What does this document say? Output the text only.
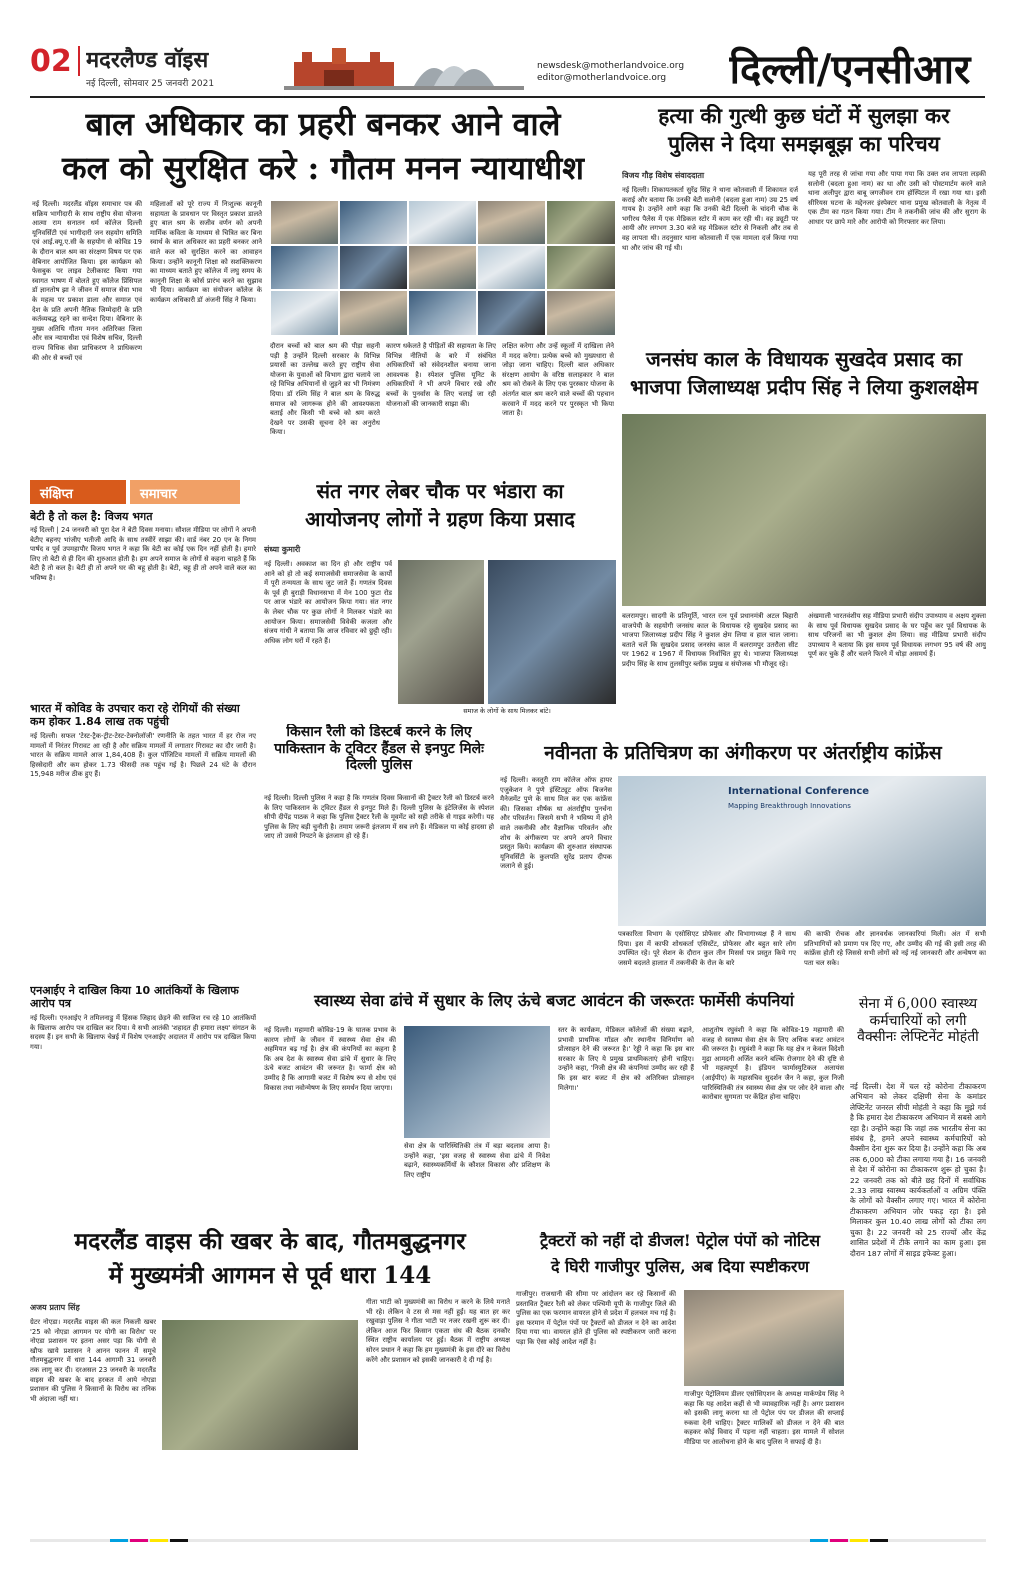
02 मदरलैण्ड वॉइस
नई दिल्ली, सोमवार 25 जनवरी 2021
newsdesk@motherlandvoice.org
editor@motherlandvoice.org	दिल्ली/एनसीआर
बाल अधिकार का प्रहरी बनकर आने वाले
कल को सुरक्षित करे : गौतम मनन न्यायाधीश
नई दिल्ली। मदरलैंड वॉइस समाचार पत्र की सक्रिय भागीदारी के साथ राष्ट्रीय सेवा योजना आत्मा राम सनातन धर्म कॉलेज दिल्ली यूनिवर्सिटी एवं भागीदारी जन सहयोग समिति एवं आई.क्यू.ए.सी के सहयोग से कोविड 19 के दौरान बाल श्रम का संरक्षण विषय पर एक वेबिनार आयोजित किया। इस कार्यक्रम को फेसबुक पर लाइव टेलीकास्ट किया गया स्वागत भाषण में बोलते हुए कॉलेज प्रिंसिपल डॉ ज्ञानतोष झा ने जीवन में समाज सेवा भाव के महत्व पर प्रकाश डाला और समाज एवं देश के प्रति अपनी नैतिक जिम्मेदारी के प्रति कर्तव्यबद्ध रहने का सन्देश दिया। वेबिनार के मुख्य अतिथि गौतम मनन अतिरिक्त जिला और सत्र न्यायाधीश एवं विशेष सचिव, दिल्ली राज्य विधिक सेवा प्राधिकरण ने प्राधिकरण की ओर से बच्चों एवं
महिलाओं को पूरे राज्य में निःशुल्क कानूनी सहायता के प्रावधान पर विस्तृत प्रकाश डालते हुए बाल श्रम के सजीव वर्णन को अपनी मार्मिक कविता के माध्यम से चित्रित कर बिना स्वार्थ के बाल अधिकार का प्रहरी बनकर आने वाले कल को सुरक्षित करने का आवाहन किया। उन्होंने कानूनी शिक्षा को सशक्तिकरण का माध्यम बताते हुए कॉलेज में लघु समय के कानूनी शिक्षा के कोर्स प्रारंभ करने का सुझाव भी दिया। कार्यक्रम का संयोजन कॉलेज के कार्यक्रम अधिकारी डॉ अंजनी सिंह ने किया।
दौरान बच्चों को बाल श्रम की पीड़ा सहनी पड़ी है उन्होंने दिल्ली सरकार के विभिन्न प्रयासों का उल्लेख करते हुए राष्ट्रीय सेवा योजना के युवाओं को विभाग द्वारा चलाये जा रहे विभिन्न अभियानों से जुड़ने का भी निमंत्रण दिया। डॉ रश्मि सिंह ने बाल श्रम के विरुद्ध समाज को जागरूक होने की आवश्यकता बताई और किसी भी बच्चे को श्रम करते देखने पर उसकी सूचना देने का अनुरोध किया।
कारण धकेलते है पीड़ितों की सहायता के लिए विभिन्न नीतियों के बारे में संबंधित अधिकारियों को संवेदनशील बनाया जाना आवश्यक है। स्पेशल पुलिस यूनिट के अधिकारियों ने भी अपने विचार रखे और बच्चों के पुनर्वास के लिए चलाई जा रही योजनाओं की जानकारी साझा की।
लक्षित करेगा और उन्हें स्कूलों में दाखिला लेने में मदद करेगा। प्रत्येक बच्चे को मुख्यधारा से जोड़ा जाना चाहिए। दिल्ली बाल अधिकार संरक्षण आयोग के वरिष्ठ सलाहकार ने बाल श्रम को रोकने के लिए एक पुरस्कार योजना के अंतर्गत बाल श्रम करने वाले बच्चों की पहचान करवाने में मदद करने पर पुरस्कृत भी किया जाता है।
हत्या की गुत्थी कुछ घंटों में सुलझा कर
पुलिस ने दिया समझबूझ का परिचय
विजय गौड़ विशेष संवाददाता
नई दिल्ली। शिकायतकर्ता सुरेंद्र सिंह ने थाना कोतवाली में शिकायत दर्ज कराई और बताया कि उनकी बेटी सलोनी (बदला हुआ नाम) उम्र 25 वर्ष गायब है। उन्होंने आगे कहा कि उनकी बेटी दिल्ली के चांदनी चौक के भगीरथ पैलेस में एक मेडिकल स्टोर में काम कर रही थी। वह ड्यूटी पर आयी और लगभग 3.30 बजे वह मेडिकल स्टोर से निकली और तब से वह लापता थी। तदनुसार थाना कोतवाली में एक मामला दर्ज किया गया था और जांच की गई थी।
यह पूरी तरह से जांचा गया और पाया गया कि उक्त शव लापता लड़की सलोनी (बदला हुआ नाम) का था और उसी को पोस्टमार्टम करने वाले थाना अलीपुर द्वारा बाबू जगजीवन राम हॉस्पिटल में रखा गया था। इसी सीरियस घटना के मद्देनजर इंस्पेक्टर थाना प्रमुख कोतवाली के नेतृत्व में एक टीम का गठन किया गया। टीम ने तकनीकी जांच की और सुराग के आधार पर छापे मारे और आरोपी को गिरफ्तार कर लिया।
जनसंघ काल के विधायक सुखदेव प्रसाद का
भाजपा जिलाध्यक्ष प्रदीप सिंह ने लिया कुशलक्षेम
बलरामपुर। सादगी के प्रतिमूर्ति, भारत रत्न पूर्व प्रधानमंत्री अटल बिहारी वाजपेयी के सहयोगी जनसंघ काल के विधायक रहे सुखदेव प्रसाद का भाजपा जिलाध्यक्ष प्रदीप सिंह ने कुशल क्षेम लिया व हाल चाल जाना। बताते चलें कि सुखदेव प्रसाद जनसंघ काल में बलरामपुर उतरौला सीट पर 1962 व 1967 में विधायक निर्वाचित हुए थे। भाजपा जिलाध्यक्ष प्रदीप सिंह के साथ तुलसीपुर ब्लॉक प्रमुख व संयोजक भी मौजूद रहे।
अंखमाली भारतवंशीय सह मीडिया प्रभारी संदीप उपाध्याय व अक्षय शुक्ला के साथ पूर्व विधायक सुखदेव प्रसाद के घर पहुँच कर पूर्व विधायक के साथ परिजनों का भी कुशल क्षेम लिया। सह मीडिया प्रभारी संदीप उपाध्याय ने बताया कि इस समय पूर्व विधायक लगभग 95 वर्ष की आयु पूर्ण कर चुके हैं और चलने फिरने में थोड़ा असमर्थ हैं।
संक्षिप्त	समाचार
बेटी है तो कल है: विजय भगत
नई दिल्ली | 24 जनवरी को पूरा देश ने बेटी दिवस मनाया। सौशल मीडिया पर लोगों ने अपनी बेटीए बहनए भांजीए भतीजी आदि के साथ तस्वीरें साझा की। वार्ड नंबर 20 एन के निगम पार्षद व पूर्व उपमहापौर विजय भगत ने कहा कि बेटी का कोई एक दिन नहीं होती है। हमारे लिए तो बेटी से ही दिन की शुरुआत होती है। हम अपने समाज के लोगों से कहना चाहते हैं कि बेटी है तो कल है। बेटी ही तो अपने घर की बहू होती है। बेटी, बहू ही तो अपने वाले कल का भविष्य है।
भारत में कोविड के उपचार करा रहे रोगियों की संख्या कम होकर 1.84 लाख तक पहुंची
नई दिल्ली। सफल 'टेस्ट-ट्रैक-ट्रीट-टेस्ट-टेक्नोलॉजी' रणनीति के तहत भारत में हर रोज नए मामलों में निरंतर गिरावट आ रही है और सक्रिय मामलों में लगातार गिरावट का दौर जारी है। भारत के सक्रिय मामले आज 1,84,408 हैं। कुल पॉजिटिव मामलों में सक्रिय मामलों की हिस्सेदारी और कम होकर 1.73 फीसदी तक पहुंच गई है। पिछले 24 घंटे के दौरान 15,948 मरीज ठीक हुए हैं।
एनआईए ने दाखिल किया 10 आतंकियों के खिलाफ आरोप पत्र
नई दिल्ली। एनआईए ने तमिलनाडु में हिंसक जिहाद छेड़ने की साजिश रच रहे 10 आतंकियों के खिलाफ आरोप पत्र दाखिल कर दिया। ये सभी आतंकी 'शहादत ही हमारा लक्ष्य' संगठन के सदस्य हैं। इन सभी के खिलाफ चेन्नई में विशेष एनआईए अदालत में आरोप पत्र दाखिल किया गया।
संत नगर लेबर चौक पर भंडारा का
आयोजनए लोगों ने ग्रहण किया प्रसाद
संध्या कुमारी
नई दिल्ली। अवकाश का दिन हो और राष्ट्रीय पर्व आने को हो तो कई समाजसेवी समाजसेवा के कार्यों में पूरी तन्मयता के साथ जुट जाते हैं। गणतंत्र दिवस के पूर्व ही बुराड़ी विधानसभा में मेन 100 फुटा रोड पर आज भंडारे का आयोजन किया गया। संत नगर के लेबर चौक पर कुछ लोगों ने मिलकर भंडारे का आयोजन किया। समाजसेवी विवेकी कजला और संजय गांधी ने बताया कि आज रविवार को छुट्टी रही। अधिक लोग घरों में रहते हैं।
समाज के लोगों के साथ मिलकर बांटे।
किसान रैली को डिस्टर्ब करने के लिए पाकिस्तान के ट्विटर हैंडल से इनपुट मिलेः दिल्ली पुलिस
नई दिल्ली। दिल्ली पुलिस ने कहा है कि गणतंत्र दिवस किसानों की ट्रैक्टर रैली को डिस्टर्ब करने के लिए पाकिस्तान के ट्विटर हैंडल से इनपुट मिले हैं। दिल्ली पुलिस के इंटेलिजेंस के स्पेशल सीपी दीपेंद्र पाठक ने कहा कि पुलिस ट्रैक्टर रैली के मूवमेंट को सही तरीके से गाइड करेगी। यह पुलिस के लिए बड़ी चुनौती है। तमाम जरूरी इंतजाम में सब लगे हैं। मेडिकल या कोई हादसा हो जाए तो उससे निपटने के इंतजाम हो रहे हैं।
नवीनता के प्रतिचित्रण का अंगीकरण पर अंतर्राष्ट्रीय कांफ्रेंस
नई दिल्ली। कस्तूरी राम कॉलेज ऑफ हायर एजुकेशन ने पुणे इंस्टिट्यूट ऑफ बिजनेस मैनेजमेंट पुणे के साथ मिल कर एक कांफ्रेंस की। जिसका शीर्षक था अंतर्राष्ट्रीय पुनर्चना और परिवर्तन। जिसमे सभी ने भविष्य में होने वाले तकनीकी और वैज्ञानिक परिवर्तन और शोध के अंगीकरण पर अपने अपने विचार प्रस्तुत किये। कार्यक्रम की शुरुआत संस्थापक यूनिवर्सिटी के कुलपति सुरेंद्र प्रताप दीपक जलाने से हुई।
International Conference
Mapping Breakthrough Innovations
पत्रकारिता विभाग के एसोसिएट प्रोफेसर और विभागाध्यक्ष हैं ने साथ दिया। इस में काफी शोधकर्ता एसिस्टेंट, प्रोफेसर और बहुत सारे लोग उपस्थित रहे। पूरे सेशन के दौरान कुल तीन मिसर्स पत्र प्रस्तुत किये गए जसमे बदलते हालात में तकनीकी के रोल के बारे
की काफी रोचक और ज्ञानवर्धक जानकारियां मिली। अंत में सभी प्रतिभागियों को प्रमाण पत्र दिए गए, और उम्मीद की गई की इसी तरह की कांफ्रेंस होती रहे जिससे सभी लोगों को नई नई जानकारी और अन्वेषण का पता चल सके।
स्वास्थ्य सेवा ढांचे में सुधार के लिए ऊंचे बजट आवंटन की जरूरतः फार्मेसी कंपनियां
नई दिल्ली। महामारी कोविड-19 के घातक प्रभाव के कारण लोगों के जीवन में स्वास्थ्य सेवा क्षेत्र की अहमियत बढ़ गई है। क्षेत्र की कंपनियों का कहना है कि अब देश के स्वास्थ्य सेवा ढांचे में सुधार के लिए ऊंचे बजट आवंटन की जरूरत है। फार्मा क्षेत्र को उम्मीद है कि आगामी बजट में विशेष रूप से शोध एवं विकास तथा नवोन्मेषण के लिए समर्थन दिया जाएगा।
सेवा क्षेत्र के पारिस्थितिकी तंत्र में बड़ा बदलाव आया है। उन्होंने कहा, 'इस वजह से स्वास्थ्य सेवा ढांचे में निवेश बढ़ाने, स्वास्थ्यकर्मियों के कौशल विकास और प्रशिक्षण के लिए राष्ट्रीय
स्तर के कार्यक्रम, मेडिकल कॉलेजों की संख्या बढ़ाने, प्रभावी प्राथमिक मॉडल और स्थानीय विनिर्माण को प्रोत्साहन देने की जरूरत है।' रेड्डी ने कहा कि इस बार सरकार के लिए ये प्रमुख प्राथमिकताएं होनी चाहिए। उन्होंने कहा, 'निजी क्षेत्र की कंपनियां उम्मीद कर रही हैं कि इस बार बजट में क्षेत्र को अतिरिक्त प्रोत्साहन मिलेगा।'
आशुतोष रघुवंशी ने कहा कि कोविड-19 महामारी की वजह से स्वास्थ्य सेवा क्षेत्र के लिए अधिक बजट आवंटन की जरूरत है। रघुवंशी ने कहा कि यह क्षेत्र न केवल विदेशी मुद्रा आमदनी अर्जित करने बल्कि रोजगार देने की दृष्टि से भी महत्वपूर्ण है। इंडियन फार्मास्युटिकल अलायंस (आईपीए) के महासचिव सुदर्शन जैन ने कहा, कुल निजी पारिस्थितिकी तंत्र स्वास्थ्य सेवा क्षेत्र पर जोर देने वाला और कारोबार सुगमता पर केंद्रित होना चाहिए।
सेना में 6,000 स्वास्थ्य कर्मचारियों को लगी वैक्सीनः लेफ्टिनेंट मोहंती
नई दिल्ली। देश में चल रहे कोरोना टीकाकरण अभियान को लेकर दक्षिणी सेना के कमांडर लेफ्टिनेंट जनरल सीपी मोहंती ने कहा कि मुझे गर्व है कि हमारा देश टीकाकरण अभियान में सबसे आगे रहा है। उन्होंने कहा कि जहां तक भारतीय सेना का संबंध है, हमने अपने स्वास्थ्य कर्मचारियों को वैक्सीन देना शुरू कर दिया है। उन्होंने कहा कि अब तक 6,000 को टीका लगाया गया है। 16 जनवरी से देश में कोरोना का टीकाकरण शुरू हो चुका है। 22 जनवरी तक को बीते छह दिनों में सर्वाधिक 2.33 लाख स्वास्थ्य कार्यकर्ताओं व अग्रिम पंक्ति के लोगों को वैक्सीन लगाए गए। भारत में कोरोना टीकाकरण अभियान जोर पकड़ रहा है। इसे मिलाकर कुल 10.40 लाख लोगों को टीका लग चुका है। 22 जनवरी को 25 राज्यों और केंद्र शासित प्रदेशों में टीके लगाने का काम हुआ। इस दौरान 187 लोगों में साइड इफेक्ट हुआ।
मदरलैंड वाइस की खबर के बाद, गौतमबुद्धनगर
में मुख्यमंत्री आगमन से पूर्व धारा 144
अजय प्रताप सिंह
ग्रेटर नोएडा। मदरलैंड वाइस की कल निकली खबर '25 को नोएडा आगमन पर योगी का विरोध' पर नोएडा प्रशासन पर इतना असर पड़ा कि योगी से खौफ खाये प्रशासन ने आनन फानन में समूचे गौतमबुद्धनगर में धारा 144 आगामी 31 जनवरी तक लागू कर दी। दरअसल 23 जनवरी के मदरलैंड वाइस की खबर के बाद हरकत में आये नोएडा प्रशासन की पुलिस ने किसानों के विरोध का तनिक भी अंदाजा नहीं था।
गीता भाटी को मुख्यमंत्री का विरोध न करने के लिये मनाते भी रहे। लेकिन वे टस से मस नहीं हुईं। यह बात हर कर रखुवाड़ा पुलिस ने गीता भाटी पर नजर रखनी शुरू कर दी। लेकिन आज फिर किसान एकता संघ की बैठक दनकौर स्थित राष्ट्रीय कार्यालय पर हुई। बैठक में राष्ट्रीय अध्यक्ष सोरन प्रधान ने कहा कि हम मुख्यमंत्री के इस दौरे का विरोध करेंगे और प्रशासन को इसकी जानकारी दे दी गई है।
ट्रैक्टरों को नहीं दो डीजल! पेट्रोल पंपों को नोटिस
दे घिरी गाजीपुर पुलिस, अब दिया स्पष्टीकरण
गाजीपुर। राजधानी की सीमा पर आंदोलन कर रहे किसानों की प्रस्तावित ट्रैक्टर रैली को लेकर पश्चिमी यूपी के गाजीपुर जिले की पुलिस का एक फरमान वायरल होने से प्रदेश में हलचल मच गई है। इस फरमान में पेट्रोल पंपों पर ट्रैक्टरों को डीजल न देने का आदेश दिया गया था। वायरल होते ही पुलिस को स्पष्टीकरण जारी करना पड़ा कि ऐसा कोई आदेश नहीं है।
गाजीपुर पेट्रोलियम डीलर एसोसिएशन के अध्यक्ष मार्कण्डेय सिंह ने कहा कि यह आदेश कहीं से भी व्यावहारिक नहीं है। अगर प्रशासन को इसकी लागू करना था तो पेट्रोल पंप पर डीजल की सप्लाई रुकवा देनी चाहिए। ट्रैक्टर मालिकों को डीजल न देने की बात कहकर कोई विवाद में पड़ना नहीं चाहता। इस मामले में सोशल मीडिया पर आलोचना होने के बाद पुलिस ने सफाई दी है।
